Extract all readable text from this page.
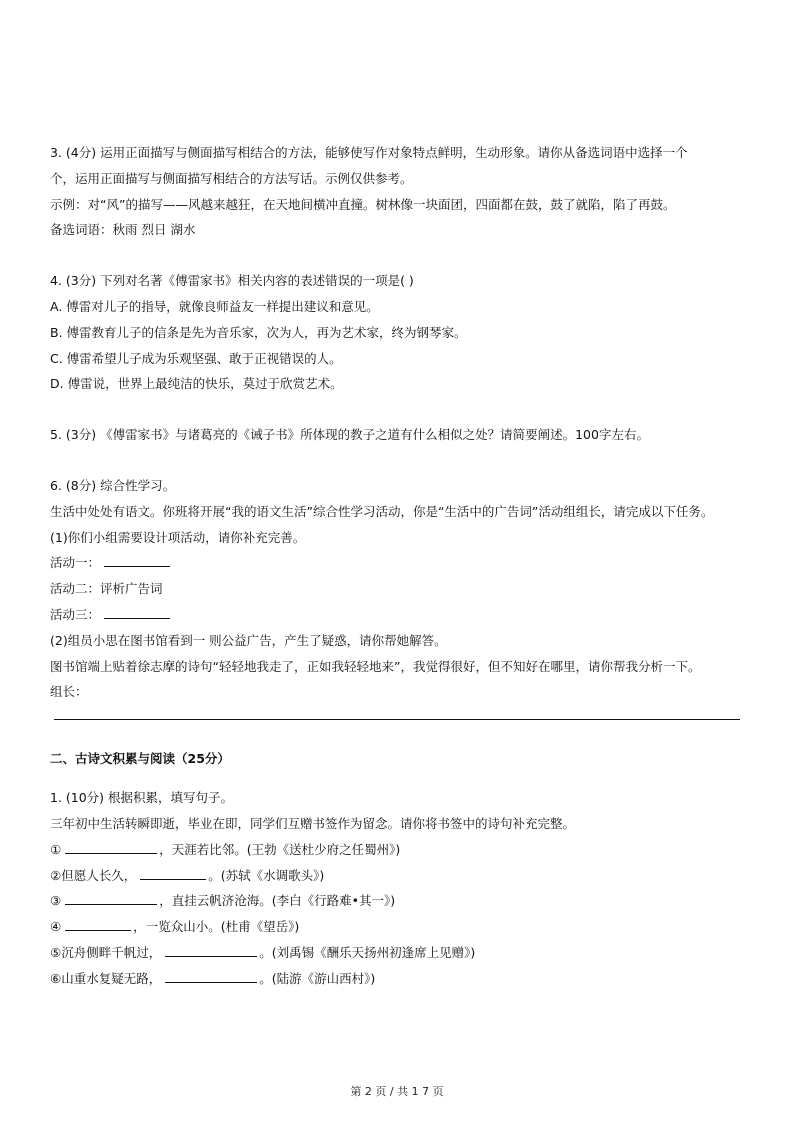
3. (4分) 运用正面描写与侧面描写相结合的方法，能够使写作对象特点鲜明，生动形象。请你从备选词语中选择一个
个，运用正面描写与侧面描写相结合的方法写话。示例仅供参考。
示例：对“风”的描写——风越来越狂，在天地间横冲直撞。树林像一块面团，四面都在鼓，鼓了就陷，陷了再鼓。
备选词语：秋雨 烈日 湖水
4. (3分) 下列对名著《傅雷家书》相关内容的表述错误的一项是( )
A. 傅雷对儿子的指导，就像良师益友一样提出建议和意见。
B. 傅雷教育儿子的信条是先为音乐家，次为人，再为艺术家，终为钢琴家。
C. 傅雷希望儿子成为乐观坚强、敢于正视错误的人。
D. 傅雷说，世界上最纯洁的快乐，莫过于欣赏艺术。
5. (3分) 《傅雷家书》与诸葛亮的《诫子书》所体现的教子之道有什么相似之处？请简要阐述。100字左右。
6. (8分) 综合性学习。
生活中处处有语文。你班将开展“我的语文生活”综合性学习活动，你是“生活中的广告词”活动组组长，请完成以下任务。
(1)你们小组需要设计项活动，请你补充完善。
活动一：
活动二：评析广告词
活动三：
(2)组员小思在图书馆看到一 则公益广告，产生了疑惑，请你帮她解答。
图书馆端上贴着徐志摩的诗句“轻轻地我走了，正如我轻轻地来”，我觉得很好，但不知好在哪里，请你帮我分析一下。
组长：
二、古诗文积累与阅读（25分）
1. (10分) 根据积累，填写句子。
三年初中生活转瞬即逝，毕业在即，同学们互赠书签作为留念。请你将书签中的诗句补充完整。
①	，天涯若比邻。(王勃《送杜少府之任蜀州》)
②但愿人长久，	。(苏轼《水调歌头》)
③	，直挂云帆济沧海。(李白《行路难•其一》)
④	，一览众山小。(杜甫《望岳》)
⑤沉舟侧畔千帆过，	。(刘禹锡《酬乐天扬州初逢席上见赠》)
⑥山重水复疑无路，	。(陆游《游山西村》)
第 2 页 / 共 1 7 页
